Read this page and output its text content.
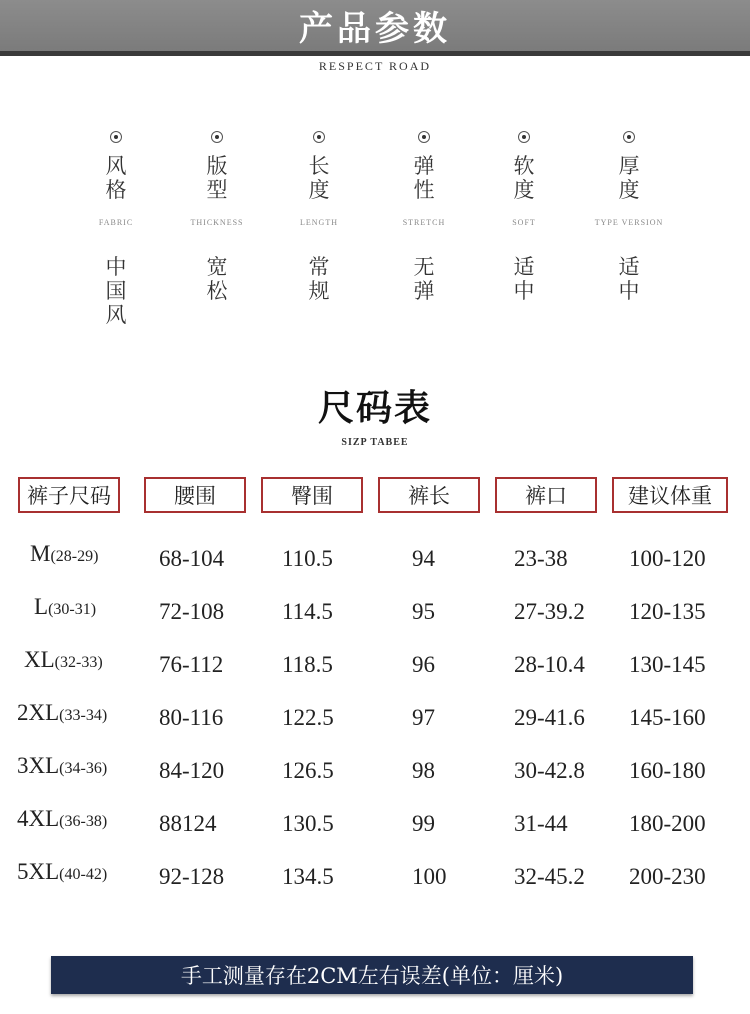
产品参数
RESPECT ROAD
风格
FABRIC
中国风
版型
THICKNESS
宽松
长度
LENGTH
常规
弹性
STRETCH
无弹
软度
SOFT
适中
厚度
TYPE VERSION
适中
尺码表
SIZP TABEE
裤子尺码	腰围	臀围	裤长	裤口	建议体重
M(28-29)	68-104	110.5	94	23-38	100-120
L(30-31)	72-108	114.5	95	27-39.2 120-135
XL(32-33) 76-112	118.5	96	28-10.4 130-145
2XL(33-34) 80-116	122.5	97	29-41.6 145-160
3XL(34-36) 84-120	126.5	98	30-42.8 160-180
4XL(36-38) 88124	130.5	99	31-44	180-200
5XL(40-42) 92-128	134.5	100	32-45.2 200-230
手工测量存在2CM左右误差(单位：厘米)
